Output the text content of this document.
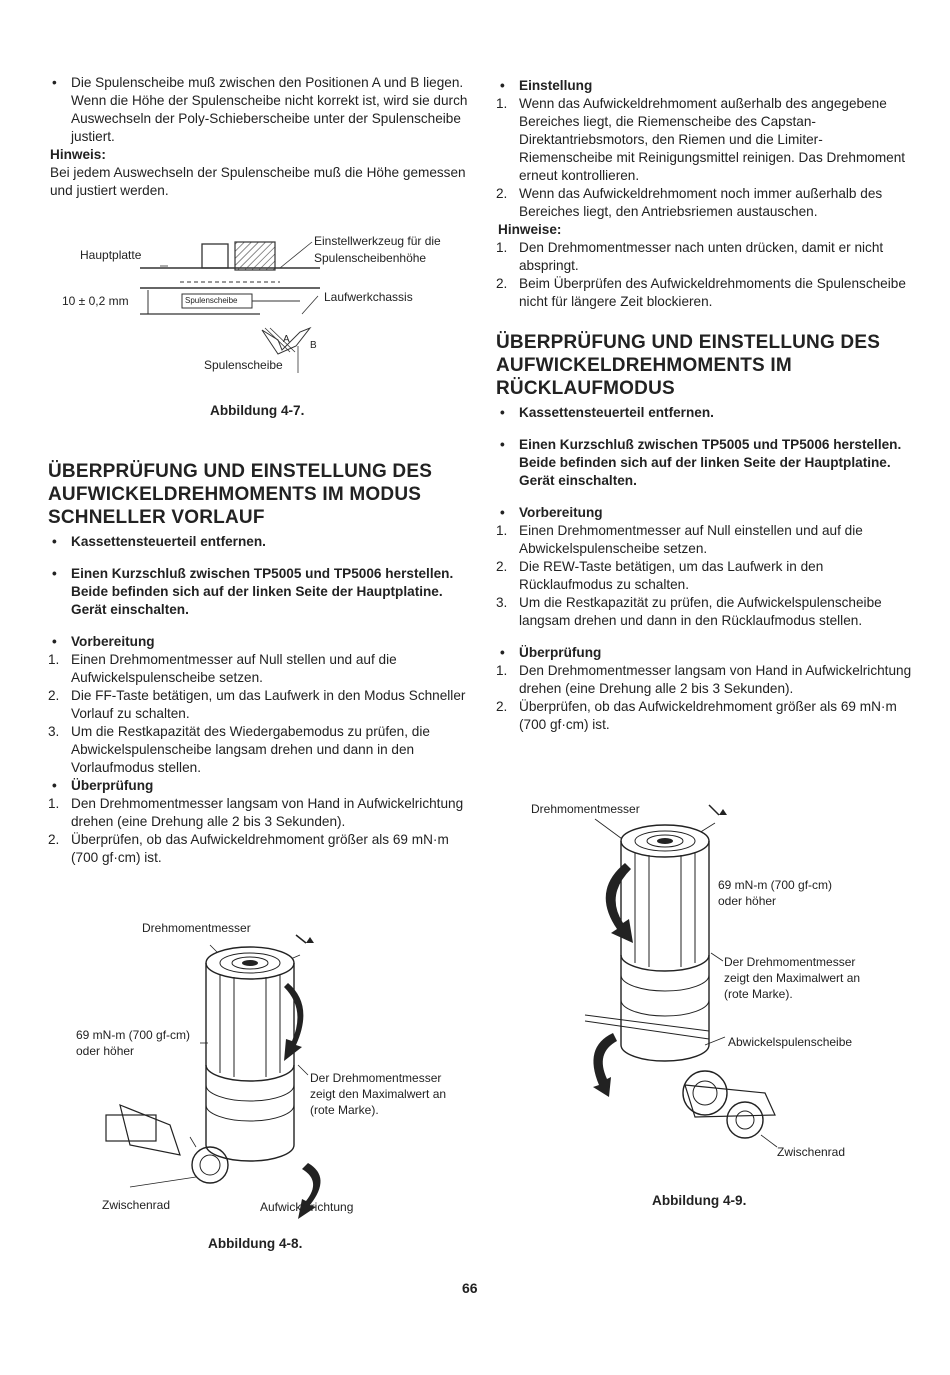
• Die Spulenscheibe muß zwischen den Positionen A und B liegen. Wenn die Höhe der Spulenscheibe nicht korrekt ist, wird sie durch Auswechseln der Poly-Schieberscheibe unter der Spulenscheibe justiert.

Hinweis:

Bei jedem Auswechseln der Spulenscheibe muß die Höhe gemessen und justiert werden.

Hauptplatte
Einstellwerkzeug für die
Spulenscheibenhöhe
10 ± 0,2 mm	Spulenscheibe	Laufwerkchassis
A
B
Spulenscheibe
Abbildung 4-7.
ÜBERPRÜFUNG UND EINSTELLUNG DES AUFWICKELDREHMOMENTS IM MODUS SCHNELLER VORLAUF

• Kassettensteuerteil entfernen.

• Einen Kurzschluß zwischen TP5005 und TP5006 herstellen. Beide befinden sich auf der linken Seite der Hauptplatine. Gerät einschalten.

• Vorbereitung

1. Einen Drehmomentmesser auf Null stellen und auf die Aufwickelspulenscheibe setzen.
2. Die FF-Taste betätigen, um das Laufwerk in den Modus Schneller Vorlauf zu schalten.
3. Um die Restkapazität des Wiedergabemodus zu prüfen, die Abwickelspulenscheibe langsam drehen und dann in den Vorlaufmodus stellen.

• Überprüfung

1. Den Drehmomentmesser langsam von Hand in Aufwickelrichtung drehen (eine Drehung alle 2 bis 3 Sekunden).
2. Überprüfen, ob das Aufwickeldrehmoment größer als 69 mN·m (700 gf·cm) ist.
Drehmomentmesser
69 mN-m (700 gf-cm)
oder höher
Der Drehmomentmesser
zeigt den Maximalwert an
(rote Marke).
Zwischenrad	Aufwickelrichtung
Abbildung 4-8.

• Einstellung

1. Wenn das Aufwickeldrehmoment außerhalb des angegebene Bereiches liegt, die Riemenscheibe des Capstan-Direktantriebsmotors, den Riemen und die Limiter-Riemenscheibe mit Reinigungsmittel reinigen. Das Drehmoment erneut kontrollieren.
2. Wenn das Aufwickeldrehmoment noch immer außerhalb des Bereiches liegt, den Antriebsriemen austauschen.

Hinweise:

1. Den Drehmomentmesser nach unten drücken, damit er nicht abspringt.
2. Beim Überprüfen des Aufwickeldrehmoments die Spulenscheibe nicht für längere Zeit blockieren.
ÜBERPRÜFUNG UND EINSTELLUNG DES AUFWICKELDREHMOMENTS IM RÜCKLAUFMODUS

• Kassettensteuerteil entfernen.

• Einen Kurzschluß zwischen TP5005 und TP5006 herstellen. Beide befinden sich auf der linken Seite der Hauptplatine. Gerät einschalten.

• Vorbereitung

1. Einen Drehmomentmesser auf Null einstellen und auf die Abwickelspulenscheibe setzen.
2. Die REW-Taste betätigen, um das Laufwerk in den Rücklaufmodus zu schalten.
3. Um die Restkapazität zu prüfen, die Aufwickelspulenscheibe langsam drehen und dann in den Rücklaufmodus stellen.

• Überprüfung

1. Den Drehmomentmesser langsam von Hand in Aufwickelrichtung drehen (eine Drehung alle 2 bis 3 Sekunden).
2. Überprüfen, ob das Aufwickeldrehmoment größer als 69 mN·m (700 gf·cm) ist.
Drehmomentmesser
69 mN-m (700 gf-cm)
oder höher
Der Drehmomentmesser
zeigt den Maximalwert an
(rote Marke).
Abwickelspulenscheibe
Zwischenrad
Abbildung 4-9.
66
